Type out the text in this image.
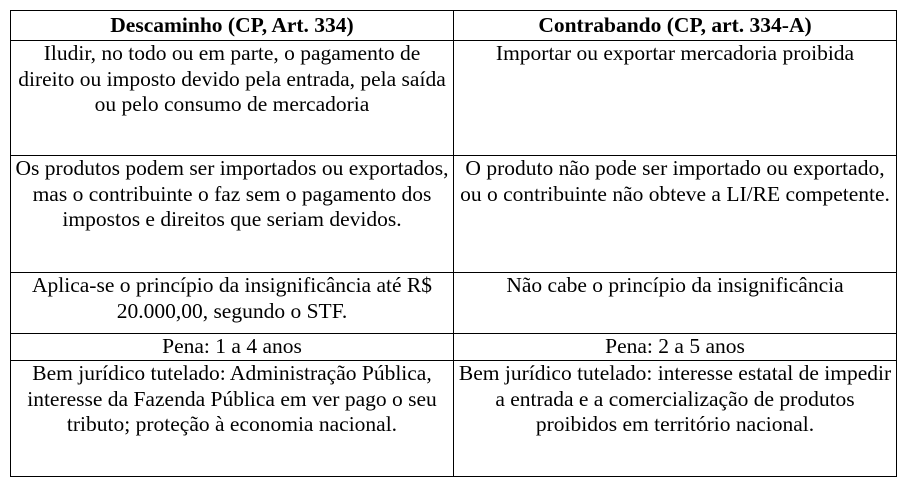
Descaminho (CP, Art. 334)	Contrabando (CP, art. 334-A)
Iludir, no todo ou em parte, o pagamento de direito ou imposto devido pela entrada, pela saída ou pelo consumo de mercadoria	Importar ou exportar mercadoria proibida
Os produtos podem ser importados ou exportados, mas o contribuinte o faz sem o pagamento dos impostos e direitos que seriam devidos.	O produto não pode ser importado ou exportado, ou o contribuinte não obteve a LI/RE competente.
Aplica-se o princípio da insignificância até R$ 20.000,00, segundo o STF.	Não cabe o princípio da insignificância
Pena: 1 a 4 anos	Pena: 2 a 5 anos
Bem jurídico tutelado: Administração Pública, interesse da Fazenda Pública em ver pago o seu tributo; proteção à economia nacional.	Bem jurídico tutelado: interesse estatal de impedir a entrada e a comercialização de produtos proibidos em território nacional.
